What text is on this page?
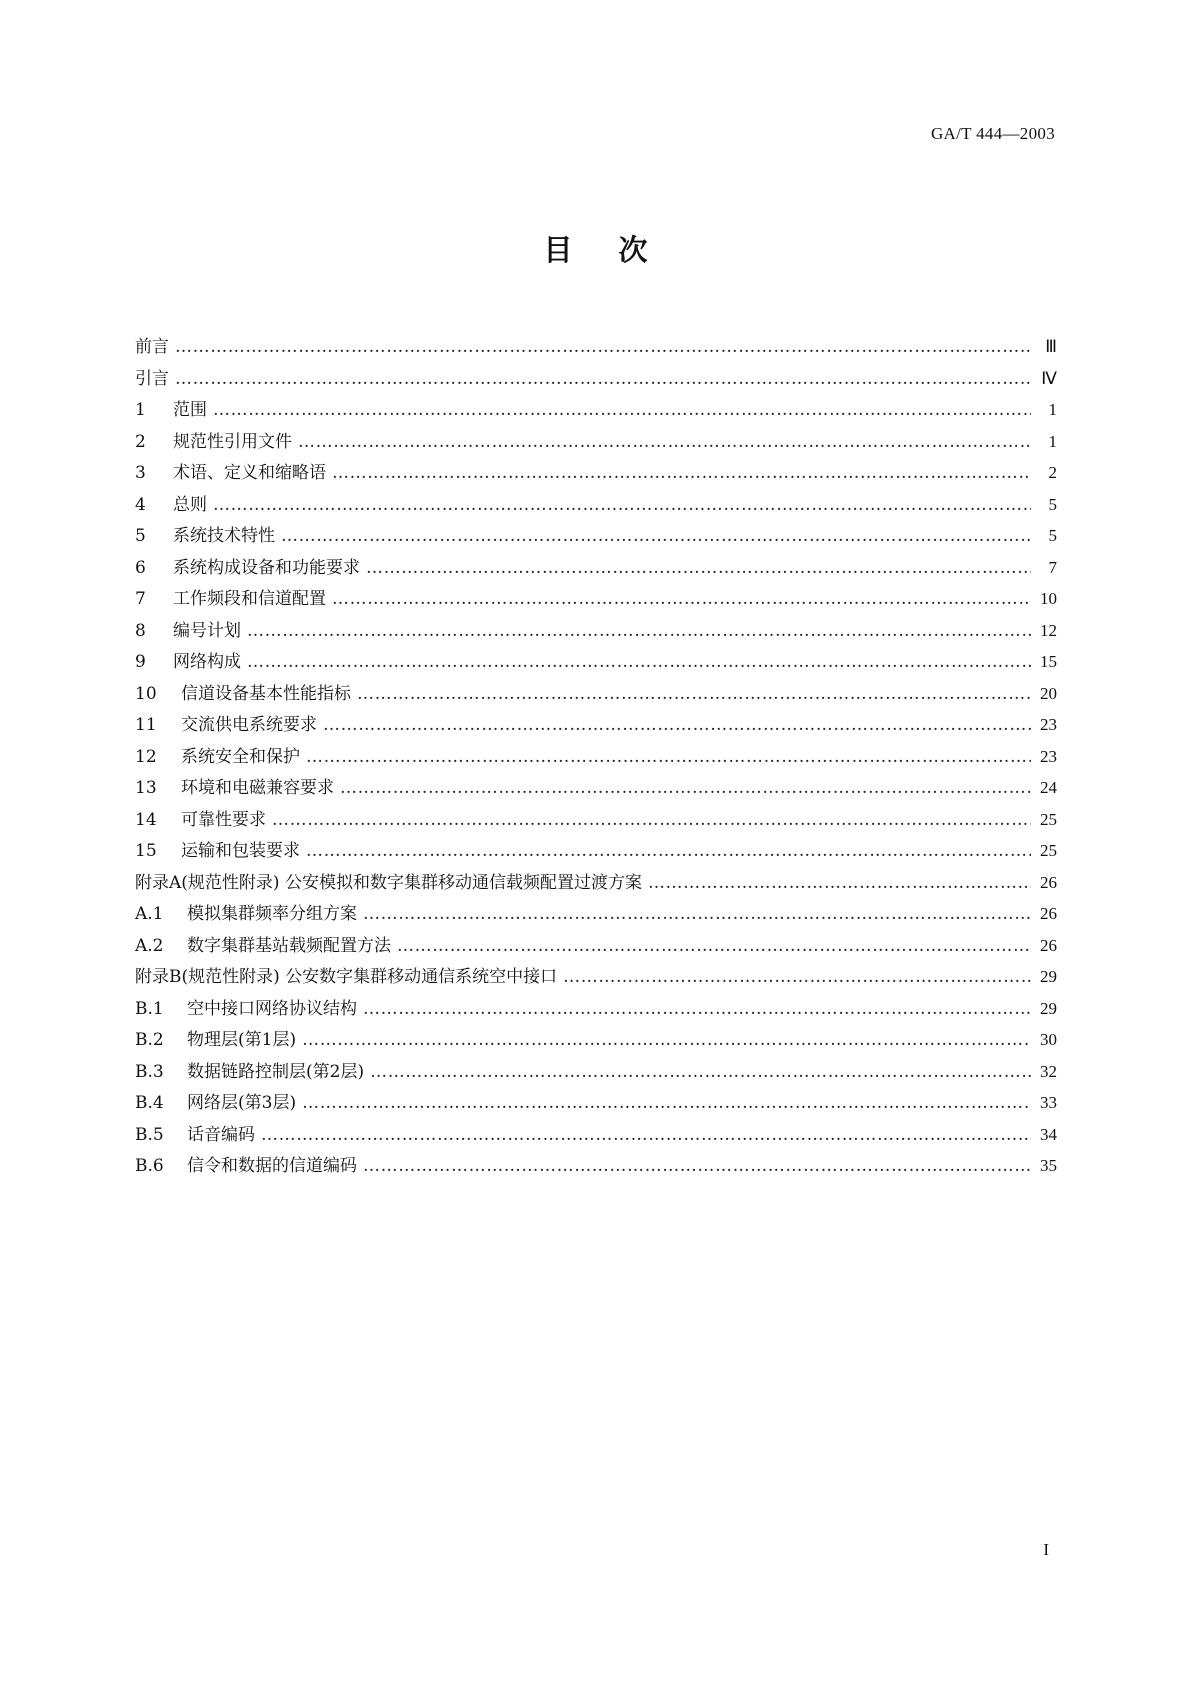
GA/T 444—2003
目次
前言 ………………………………………………………………………………………………………………………………………………………………………………………………………………………………	Ⅲ
引言 ………………………………………………………………………………………………………………………………………………………………………………………………………………………………	Ⅳ
1	范围 ………………………………………………………………………………………………………………………………………………………………………………………………………………………………	1
2	规范性引用文件 ………………………………………………………………………………………………………………………………………………………………………………………………………………………………	1
3	术语、定义和缩略语 ………………………………………………………………………………………………………………………………………………………………………………………………………………………………	2
4	总则 ………………………………………………………………………………………………………………………………………………………………………………………………………………………………	5
5	系统技术特性 ………………………………………………………………………………………………………………………………………………………………………………………………………………………………	5
6	系统构成设备和功能要求 ………………………………………………………………………………………………………………………………………………………………………………………………………………………………	7
7	工作频段和信道配置 ………………………………………………………………………………………………………………………………………………………………………………………………………………………………	10
8	编号计划 ………………………………………………………………………………………………………………………………………………………………………………………………………………………………	12
9	网络构成 ………………………………………………………………………………………………………………………………………………………………………………………………………………………………	15
10	信道设备基本性能指标 ………………………………………………………………………………………………………………………………………………………………………………………………………………………………	20
11	交流供电系统要求 ………………………………………………………………………………………………………………………………………………………………………………………………………………………………	23
12	系统安全和保护 ………………………………………………………………………………………………………………………………………………………………………………………………………………………………	23
13	环境和电磁兼容要求 ………………………………………………………………………………………………………………………………………………………………………………………………………………………………	24
14	可靠性要求 ………………………………………………………………………………………………………………………………………………………………………………………………………………………………	25
15	运输和包装要求 ………………………………………………………………………………………………………………………………………………………………………………………………………………………………	25
附录A(规范性附录) 公安模拟和数字集群移动通信载频配置过渡方案 ………………………………………………………………………………………………………………………………………………………………………………………………………………………………	26
A.1	模拟集群频率分组方案 ………………………………………………………………………………………………………………………………………………………………………………………………………………………………	26
A.2	数字集群基站载频配置方法 ………………………………………………………………………………………………………………………………………………………………………………………………………………………………	26
附录B(规范性附录) 公安数字集群移动通信系统空中接口 ………………………………………………………………………………………………………………………………………………………………………………………………………………………………	29
B.1	空中接口网络协议结构 ………………………………………………………………………………………………………………………………………………………………………………………………………………………………	29
B.2	物理层(第1层) ………………………………………………………………………………………………………………………………………………………………………………………………………………………………	30
B.3	数据链路控制层(第2层) ………………………………………………………………………………………………………………………………………………………………………………………………………………………………	32
B.4	网络层(第3层) ………………………………………………………………………………………………………………………………………………………………………………………………………………………………	33
B.5	话音编码 ………………………………………………………………………………………………………………………………………………………………………………………………………………………………	34
B.6	信令和数据的信道编码 ………………………………………………………………………………………………………………………………………………………………………………………………………………………………	35
I
